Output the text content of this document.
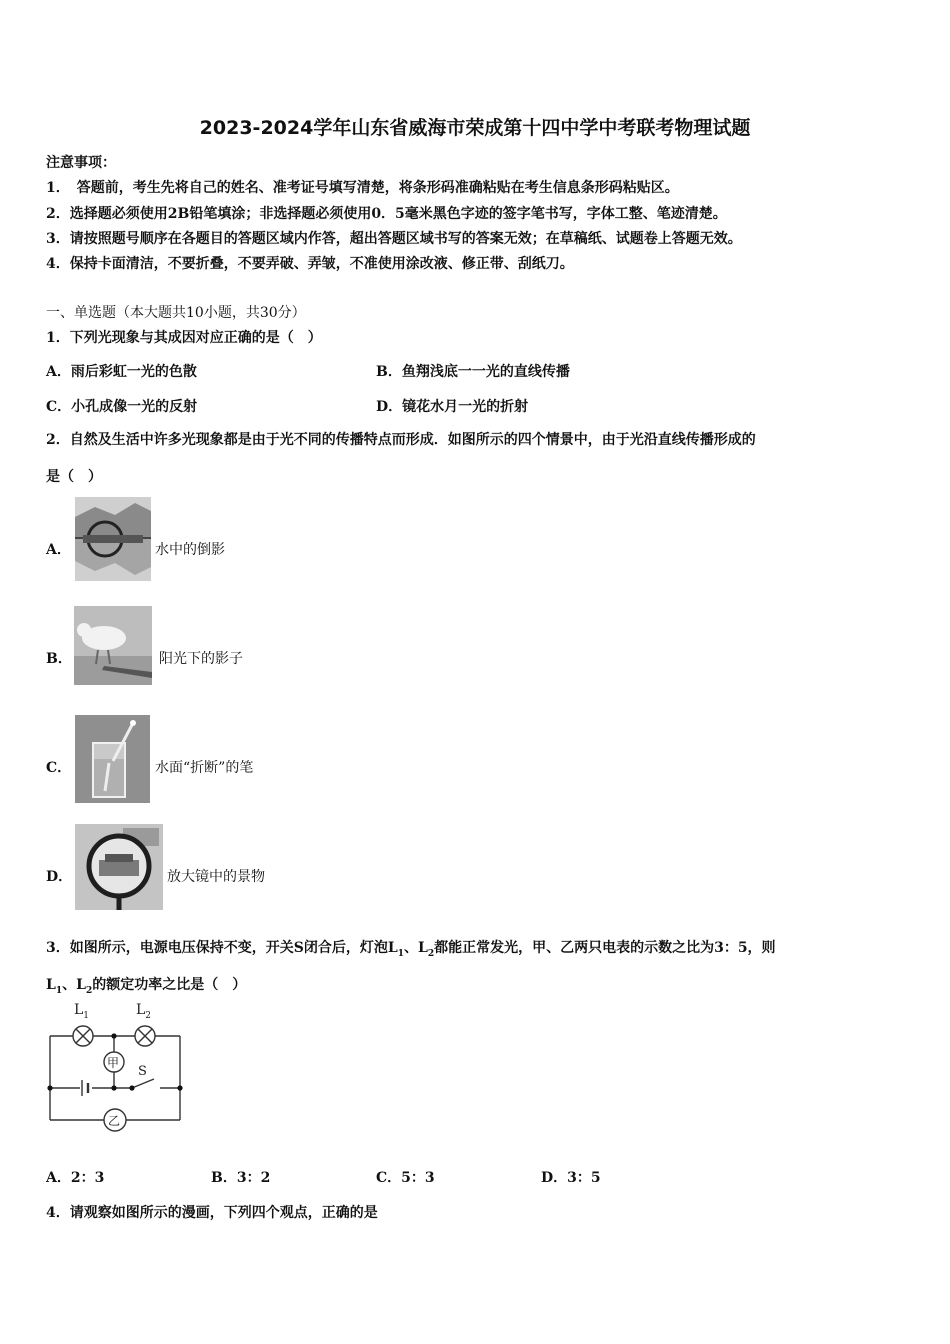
2023-2024学年山东省威海市荣成第十四中学中考联考物理试题
注意事项：
1．　答题前，考生先将自己的姓名、准考证号填写清楚，将条形码准确粘贴在考生信息条形码粘贴区。
2．选择题必须使用2B铅笔填涂；非选择题必须使用0．5毫米黑色字迹的签字笔书写，字体工整、笔迹清楚。
3．请按照题号顺序在各题目的答题区域内作答，超出答题区域书写的答案无效；在草稿纸、试题卷上答题无效。
4．保持卡面清洁，不要折叠，不要弄破、弄皱，不准使用涂改液、修正带、刮纸刀。
一、单选题（本大题共10小题，共30分）
1．下列光现象与其成因对应正确的是（　）
A．雨后彩虹一光的色散	B．鱼翔浅底一一光的直线传播
C．小孔成像一光的反射	D．镜花水月一光的折射
2．自然及生活中许多光现象都是由于光不同的传播特点而形成．如图所示的四个情景中，由于光沿直线传播形成的
是（　）
A．	水中的倒影
B．	阳光下的影子
C．	水面“折断”的笔
D．	放大镜中的景物
3．如图所示，电源电压保持不变，开关S闭合后，灯泡$L_1$、$L_2$都能正常发光，甲、乙两只电表的示数之比为3：5，则
$L_1$、$L_2$的额定功率之比是（　）
$L_1$	$L_2$
甲
乙
S
A．2：3	B．3：2	C．5：3	D．3：5
4．请观察如图所示的漫画，下列四个观点，正确的是
